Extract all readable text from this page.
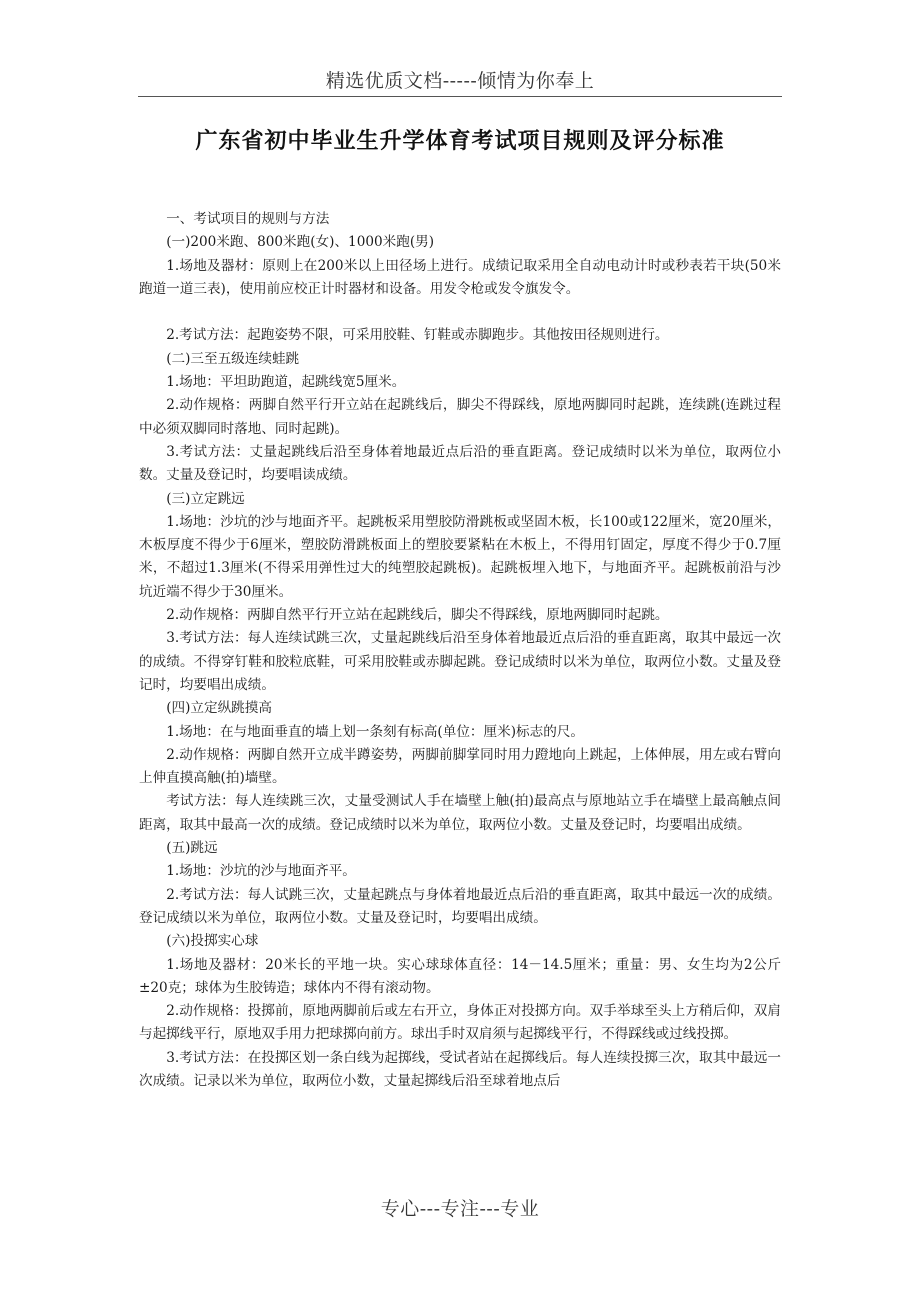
精选优质文档-----倾情为你奉上
广东省初中毕业生升学体育考试项目规则及评分标准

一、考试项目的规则与方法

(一)200米跑、800米跑(女)、1000米跑(男)

1.场地及器材：原则上在200米以上田径场上进行。成绩记取采用全自动电动计时或秒表若干块(50米跑道一道三表)，使用前应校正计时器材和设备。用发令枪或发令旗发令。

2.考试方法：起跑姿势不限，可采用胶鞋、钉鞋或赤脚跑步。其他按田径规则进行。

(二)三至五级连续蛙跳

1.场地：平坦助跑道，起跳线宽5厘米。

2.动作规格：两脚自然平行开立站在起跳线后，脚尖不得踩线，原地两脚同时起跳，连续跳(连跳过程中必须双脚同时落地、同时起跳)。

3.考试方法：丈量起跳线后沿至身体着地最近点后沿的垂直距离。登记成绩时以米为单位，取两位小数。丈量及登记时，均要唱读成绩。

(三)立定跳远

1.场地：沙坑的沙与地面齐平。起跳板采用塑胶防滑跳板或坚固木板，长100或122厘米，宽20厘米，木板厚度不得少于6厘米，塑胶防滑跳板面上的塑胶要紧粘在木板上，不得用钉固定，厚度不得少于0.7厘米，不超过1.3厘米(不得采用弹性过大的纯塑胶起跳板)。起跳板埋入地下，与地面齐平。起跳板前沿与沙坑近端不得少于30厘米。

2.动作规格：两脚自然平行开立站在起跳线后，脚尖不得踩线，原地两脚同时起跳。

3.考试方法：每人连续试跳三次，丈量起跳线后沿至身体着地最近点后沿的垂直距离，取其中最远一次的成绩。不得穿钉鞋和胶粒底鞋，可采用胶鞋或赤脚起跳。登记成绩时以米为单位，取两位小数。丈量及登记时，均要唱出成绩。

(四)立定纵跳摸高

1.场地：在与地面垂直的墙上划一条刻有标高(单位：厘米)标志的尺。

2.动作规格：两脚自然开立成半蹲姿势，两脚前脚掌同时用力蹬地向上跳起，上体伸展，用左或右臂向上伸直摸高触(拍)墙壁。

考试方法：每人连续跳三次，丈量受测试人手在墙壁上触(拍)最高点与原地站立手在墙壁上最高触点间距离，取其中最高一次的成绩。登记成绩时以米为单位，取两位小数。丈量及登记时，均要唱出成绩。

(五)跳远

1.场地：沙坑的沙与地面齐平。

2.考试方法：每人试跳三次，丈量起跳点与身体着地最近点后沿的垂直距离，取其中最远一次的成绩。登记成绩以米为单位，取两位小数。丈量及登记时，均要唱出成绩。

(六)投掷实心球

1.场地及器材：20米长的平地一块。实心球球体直径：14－14.5厘米；重量：男、女生均为2公斤±20克；球体为生胶铸造；球体内不得有滚动物。

2.动作规格：投掷前，原地两脚前后或左右开立，身体正对投掷方向。双手举球至头上方稍后仰，双肩与起掷线平行，原地双手用力把球掷向前方。球出手时双肩须与起掷线平行，不得踩线或过线投掷。

3.考试方法：在投掷区划一条白线为起掷线，受试者站在起掷线后。每人连续投掷三次，取其中最远一次成绩。记录以米为单位，取两位小数，丈量起掷线后沿至球着地点后

专心---专注---专业
